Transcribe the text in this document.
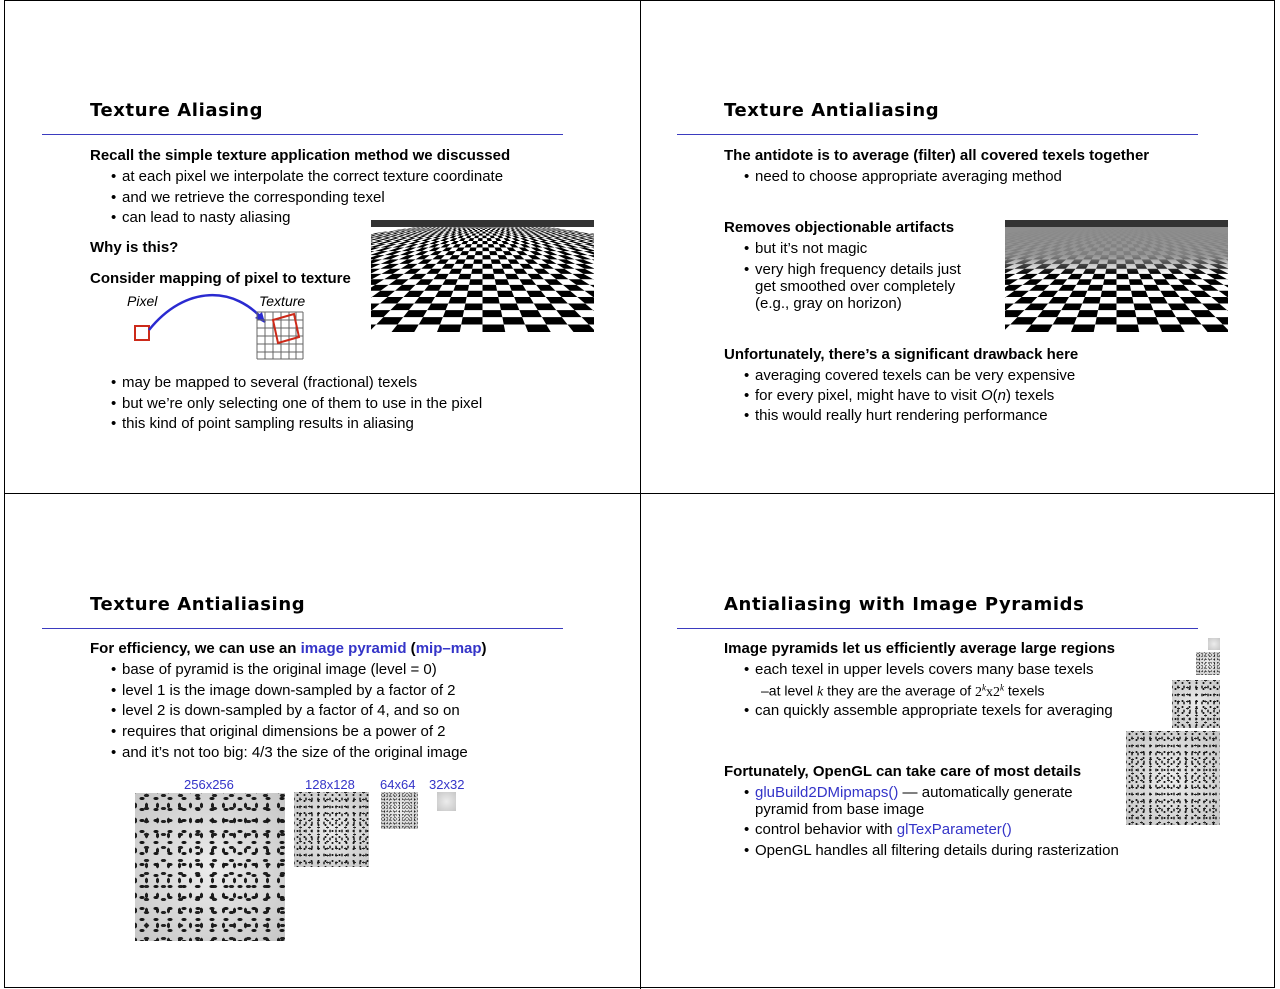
Texture Aliasing
Recall the simple texture application method we discussed
• at each pixel we interpolate the correct texture coordinate
• and we retrieve the corresponding texel
• can lead to nasty aliasing
Why is this?
Consider mapping of pixel to texture
Pixel	Texture
• may be mapped to several (fractional) texels
• but we’re only selecting one of them to use in the pixel
• this kind of point sampling results in aliasing
Texture Antialiasing
The antidote is to average (filter) all covered texels together
• need to choose appropriate averaging method
Removes objectionable artifacts
• but it’s not magic
• very high frequency details just
get smoothed over completely
(e.g., gray on horizon)
Unfortunately, there’s a significant drawback here
• averaging covered texels can be very expensive
• for every pixel, might have to visit O(n) texels
• this would really hurt rendering performance
Texture Antialiasing
For efficiency, we can use an image pyramid (mip–map)
• base of pyramid is the original image (level = 0)
• level 1 is the image down-sampled by a factor of 2
• level 2 is down-sampled by a factor of 4, and so on
• requires that original dimensions be a power of 2
• and it’s not too big: 4/3 the size of the original image
256x256	128x128 64x64 32x32
Antialiasing with Image Pyramids
Image pyramids let us efficiently average large regions
• each texel in upper levels covers many base texels
–at level k they are the average of 2$^k$x2$^k$ texels
• can quickly assemble appropriate texels for averaging
Fortunately, OpenGL can take care of most details
• gluBuild2DMipmaps() — automatically generate
pyramid from base image
• control behavior with glTexParameter()
• OpenGL handles all filtering details during rasterization
